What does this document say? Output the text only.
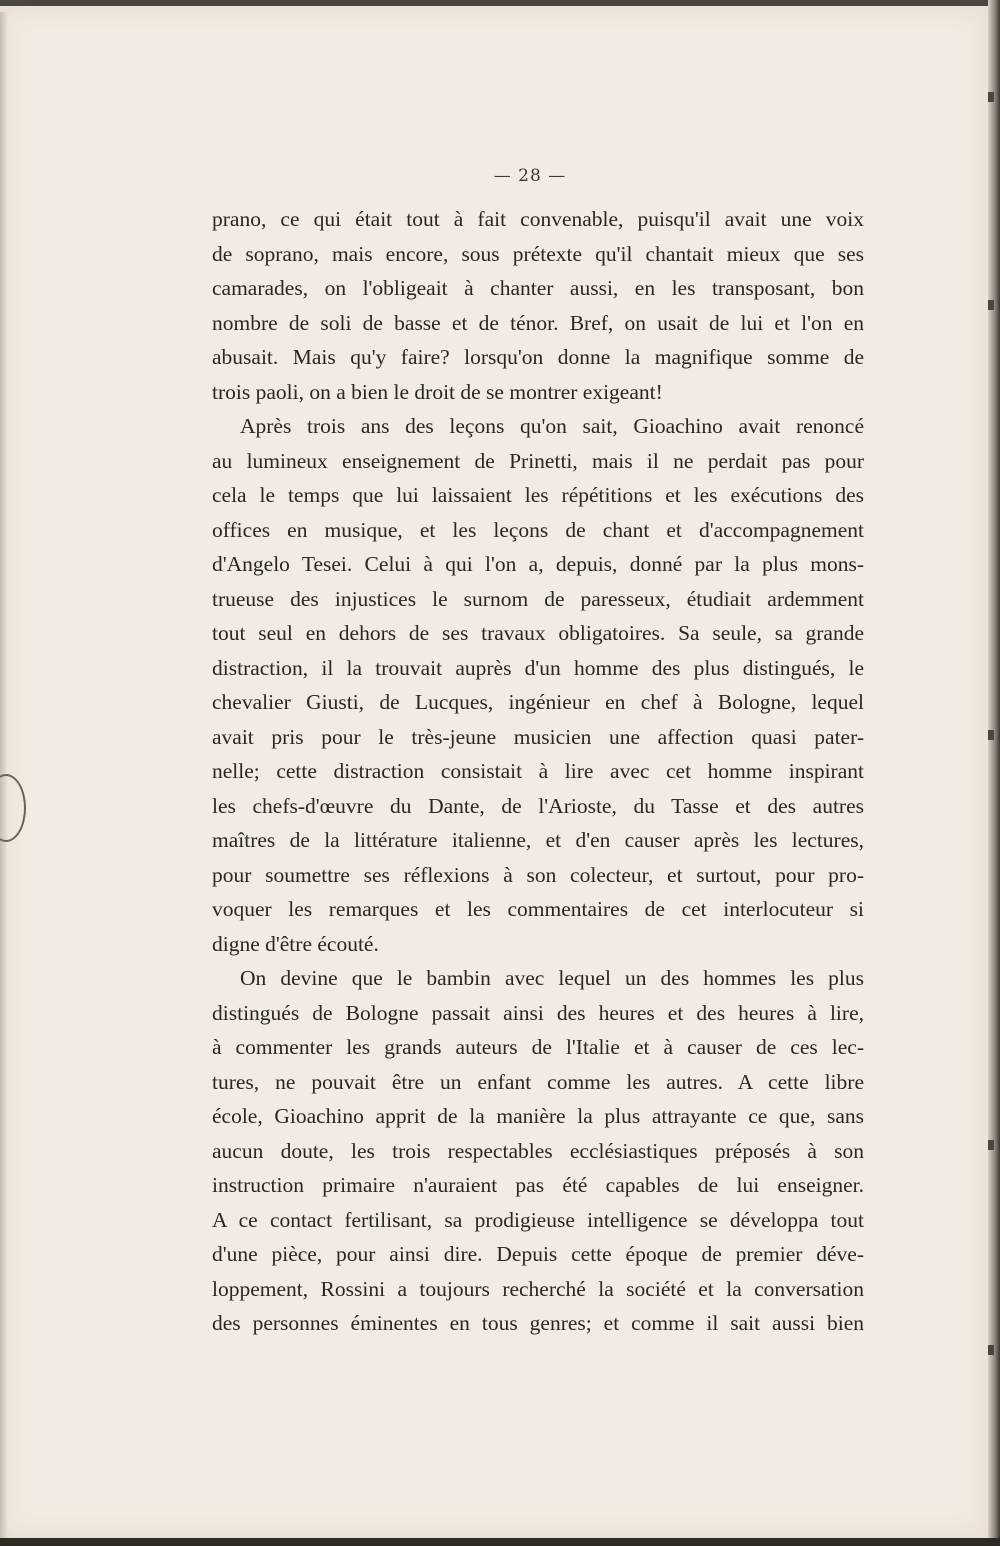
— 28 —
prano, ce qui était tout à fait convenable, puisqu'il avait une voix
de soprano, mais encore, sous prétexte qu'il chantait mieux que ses
camarades, on l'obligeait à chanter aussi, en les transposant, bon
nombre de soli de basse et de ténor. Bref, on usait de lui et l'on en
abusait. Mais qu'y faire? lorsqu'on donne la magnifique somme de
trois paoli, on a bien le droit de se montrer exigeant!
Après trois ans des leçons qu'on sait, Gioachino avait renoncé
au lumineux enseignement de Prinetti, mais il ne perdait pas pour
cela le temps que lui laissaient les répétitions et les exécutions des
offices en musique, et les leçons de chant et d'accompagnement
d'Angelo Tesei. Celui à qui l'on a, depuis, donné par la plus mons-
trueuse des injustices le surnom de paresseux, étudiait ardemment
tout seul en dehors de ses travaux obligatoires. Sa seule, sa grande
distraction, il la trouvait auprès d'un homme des plus distingués, le
chevalier Giusti, de Lucques, ingénieur en chef à Bologne, lequel
avait pris pour le très-jeune musicien une affection quasi pater-
nelle; cette distraction consistait à lire avec cet homme inspirant
les chefs-d'œuvre du Dante, de l'Arioste, du Tasse et des autres
maîtres de la littérature italienne, et d'en causer après les lectures,
pour soumettre ses réflexions à son colecteur, et surtout, pour pro-
voquer les remarques et les commentaires de cet interlocuteur si
digne d'être écouté.
On devine que le bambin avec lequel un des hommes les plus
distingués de Bologne passait ainsi des heures et des heures à lire,
à commenter les grands auteurs de l'Italie et à causer de ces lec-
tures, ne pouvait être un enfant comme les autres. A cette libre
école, Gioachino apprit de la manière la plus attrayante ce que, sans
aucun doute, les trois respectables ecclésiastiques préposés à son
instruction primaire n'auraient pas été capables de lui enseigner.
A ce contact fertilisant, sa prodigieuse intelligence se développa tout
d'une pièce, pour ainsi dire. Depuis cette époque de premier déve-
loppement, Rossini a toujours recherché la société et la conversation
des personnes éminentes en tous genres; et comme il sait aussi bien
